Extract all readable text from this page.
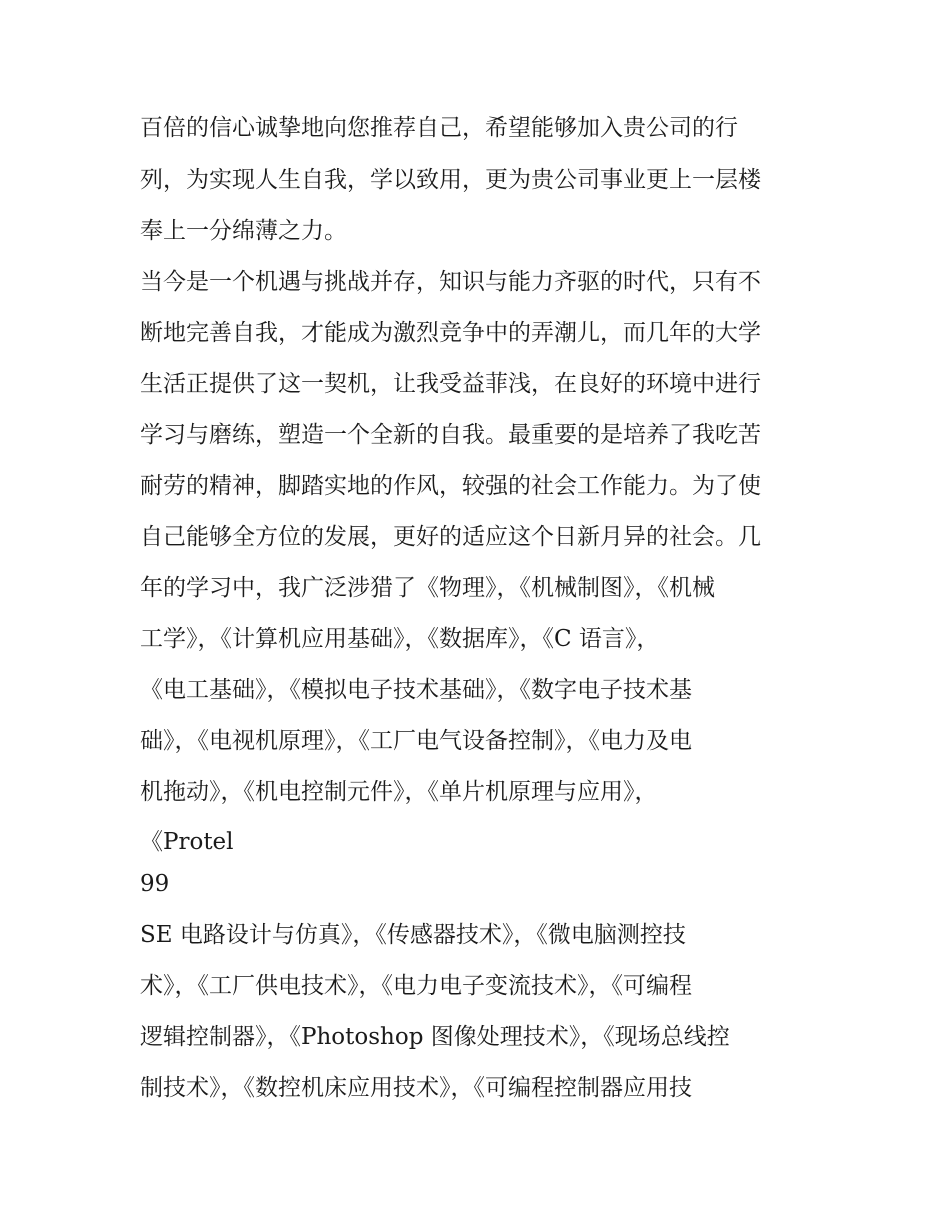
百倍的信心诚挚地向您推荐自己，希望能够加入贵公司的行
列，为实现人生自我，学以致用，更为贵公司事业更上一层楼
奉上一分绵薄之力。
当今是一个机遇与挑战并存，知识与能力齐驱的时代，只有不
断地完善自我，才能成为激烈竞争中的弄潮儿，而几年的大学
生活正提供了这一契机，让我受益菲浅，在良好的环境中进行
学习与磨练，塑造一个全新的自我。最重要的是培养了我吃苦
耐劳的精神，脚踏实地的作风，较强的社会工作能力。为了使
自己能够全方位的发展，更好的适应这个日新月异的社会。几
年的学习中，我广泛涉猎了《物理》，《机械制图》，《机械
工学》，《计算机应用基础》，《数据库》，《C 语言》，
《电工基础》，《模拟电子技术基础》，《数字电子技术基
础》，《电视机原理》，《工厂电气设备控制》，《电力及电
机拖动》，《机电控制元件》，《单片机原理与应用》，
《Protel
99
SE 电路设计与仿真》，《传感器技术》，《微电脑测控技
术》，《工厂供电技术》，《电力电子变流技术》，《可编程
逻辑控制器》，《Photoshop 图像处理技术》，《现场总线控
制技术》，《数控机床应用技术》，《可编程控制器应用技
